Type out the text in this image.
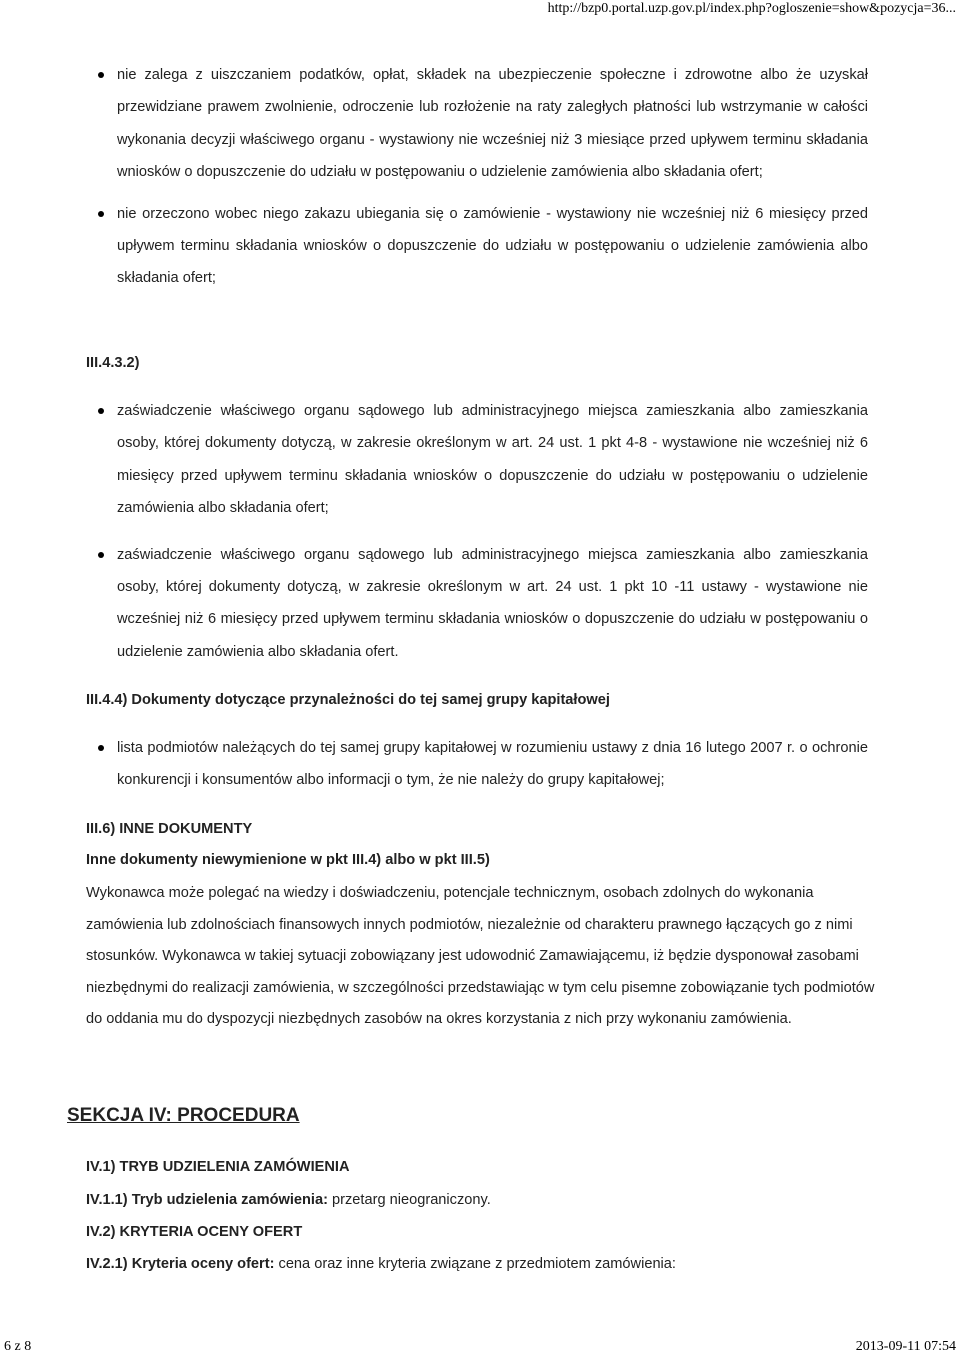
http://bzp0.portal.uzp.gov.pl/index.php?ogloszenie=show&pozycja=36...
nie zalega z uiszczaniem podatków, opłat, składek na ubezpieczenie społeczne i zdrowotne albo że uzyskał przewidziane prawem zwolnienie, odroczenie lub rozłożenie na raty zaległych płatności lub wstrzymanie w całości wykonania decyzji właściwego organu - wystawiony nie wcześniej niż 3 miesiące przed upływem terminu składania wniosków o dopuszczenie do udziału w postępowaniu o udzielenie zamówienia albo składania ofert;
nie orzeczono wobec niego zakazu ubiegania się o zamówienie - wystawiony nie wcześniej niż 6 miesięcy przed upływem terminu składania wniosków o dopuszczenie do udziału w postępowaniu o udzielenie zamówienia albo składania ofert;

III.4.3.2)

zaświadczenie właściwego organu sądowego lub administracyjnego miejsca zamieszkania albo zamieszkania osoby, której dokumenty dotyczą, w zakresie określonym w art. 24 ust. 1 pkt 4-8 - wystawione nie wcześniej niż 6 miesięcy przed upływem terminu składania wniosków o dopuszczenie do udziału w postępowaniu o udzielenie zamówienia albo składania ofert;
zaświadczenie właściwego organu sądowego lub administracyjnego miejsca zamieszkania albo zamieszkania osoby, której dokumenty dotyczą, w zakresie określonym w art. 24 ust. 1 pkt 10 -11 ustawy - wystawione nie wcześniej niż 6 miesięcy przed upływem terminu składania wniosków o dopuszczenie do udziału w postępowaniu o udzielenie zamówienia albo składania ofert.

III.4.4) Dokumenty dotyczące przynależności do tej samej grupy kapitałowej

lista podmiotów należących do tej samej grupy kapitałowej w rozumieniu ustawy z dnia 16 lutego 2007 r. o ochronie konkurencji i konsumentów albo informacji o tym, że nie należy do grupy kapitałowej;

III.6) INNE DOKUMENTY

Inne dokumenty niewymienione w pkt III.4) albo w pkt III.5)

Wykonawca może polegać na wiedzy i doświadczeniu, potencjale technicznym, osobach zdolnych do wykonania zamówienia lub zdolnościach finansowych innych podmiotów, niezależnie od charakteru prawnego łączących go z nimi stosunków. Wykonawca w takiej sytuacji zobowiązany jest udowodnić Zamawiającemu, iż będzie dysponował zasobami niezbędnymi do realizacji zamówienia, w szczególności przedstawiając w tym celu pisemne zobowiązanie tych podmiotów do oddania mu do dyspozycji niezbędnych zasobów na okres korzystania z nich przy wykonaniu zamówienia.

SEKCJA IV: PROCEDURA

IV.1) TRYB UDZIELENIA ZAMÓWIENIA

IV.1.1) Tryb udzielenia zamówienia: przetarg nieograniczony.

IV.2) KRYTERIA OCENY OFERT

IV.2.1) Kryteria oceny ofert: cena oraz inne kryteria związane z przedmiotem zamówienia:

6 z 8	2013-09-11 07:54
